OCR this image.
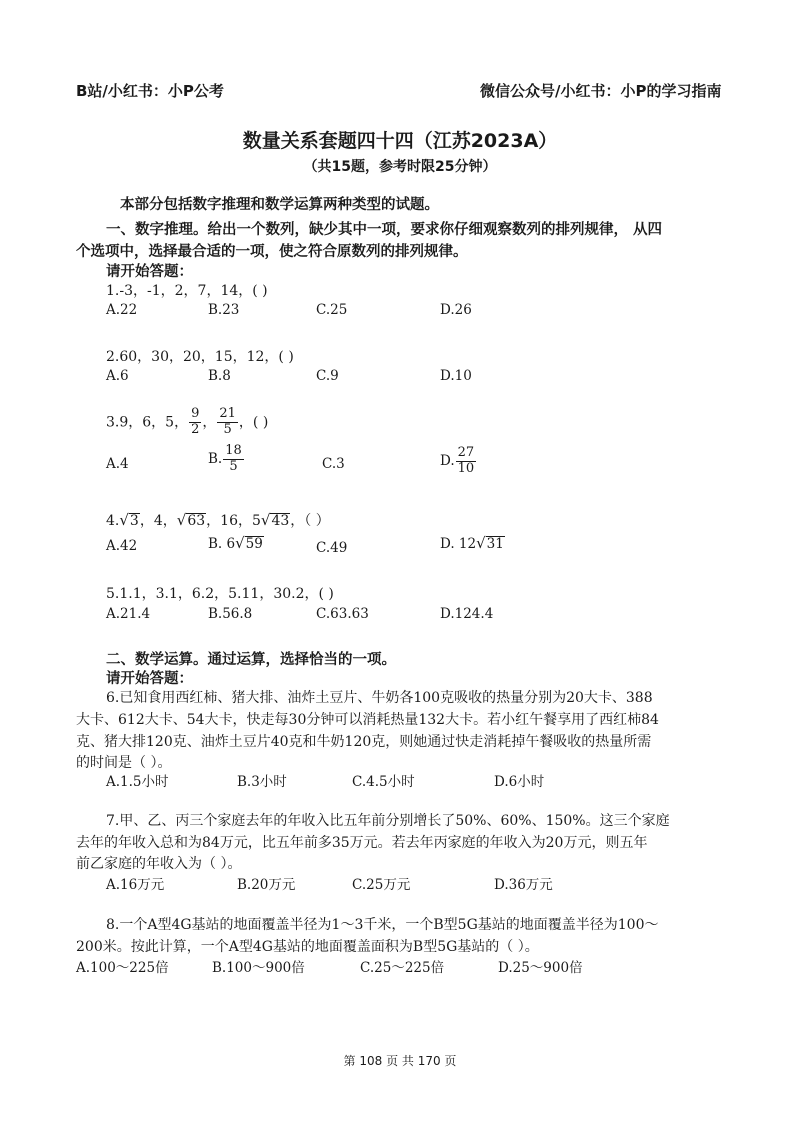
B站/小红书：小P公考	微信公众号/小红书：小P的学习指南
数量关系套题四十四（江苏2023A）
（共15题，参考时限25分钟）
本部分包括数字推理和数学运算两种类型的试题。
一、数字推理。给出一个数列，缺少其中一项，要求你仔细观察数列的排列规律， 从四
个选项中，选择最合适的一项，使之符合原数列的排列规律。
请开始答题：
1.-3，-1，2，7，14，( )
A.22	B.23	C.25	D.26
2.60，30，20，15，12，( )
A.6	B.8	C.9	D.10
3.9，6，5， $\frac{9}{2}$ ， $\frac{21}{5}$ ，( )
A.4	B. $\frac{18}{5}$	C.3	D. $\frac{27}{10}$
4. √ 3 ，4， √ 63 ，16，5 √ 43 ，（ ）
A.42	B. 6 √ 59	C.49	D. 12 √ 31
5.1.1，3.1，6.2，5.11，30.2，( )
A.21.4	B.56.8	C.63.63	D.124.4
二、数学运算。通过运算，选择恰当的一项。
请开始答题：
6.已知食用西红柿、猪大排、油炸土豆片、牛奶各100克吸收的热量分别为20大卡、388
大卡、612大卡、54大卡，快走每30分钟可以消耗热量132大卡。若小红午餐享用了西红柿84
克、猪大排120克、油炸土豆片40克和牛奶120克，则她通过快走消耗掉午餐吸收的热量所需
的时间是（ ）。
A.1.5小时	B.3小时	C.4.5小时	D.6小时
7.甲、乙、丙三个家庭去年的年收入比五年前分别增长了50%、60%、150%。这三个家庭
去年的年收入总和为84万元，比五年前多35万元。若去年丙家庭的年收入为20万元，则五年
前乙家庭的年收入为（ ）。
A.16万元	B.20万元	C.25万元	D.36万元
8.一个A型4G基站的地面覆盖半径为1～3千米，一个B型5G基站的地面覆盖半径为100～
200米。按此计算，一个A型4G基站的地面覆盖面积为B型5G基站的（ ）。
A.100～225倍	B.100～900倍	C.25～225倍	D.25～900倍
第 108 页 共 170 页
